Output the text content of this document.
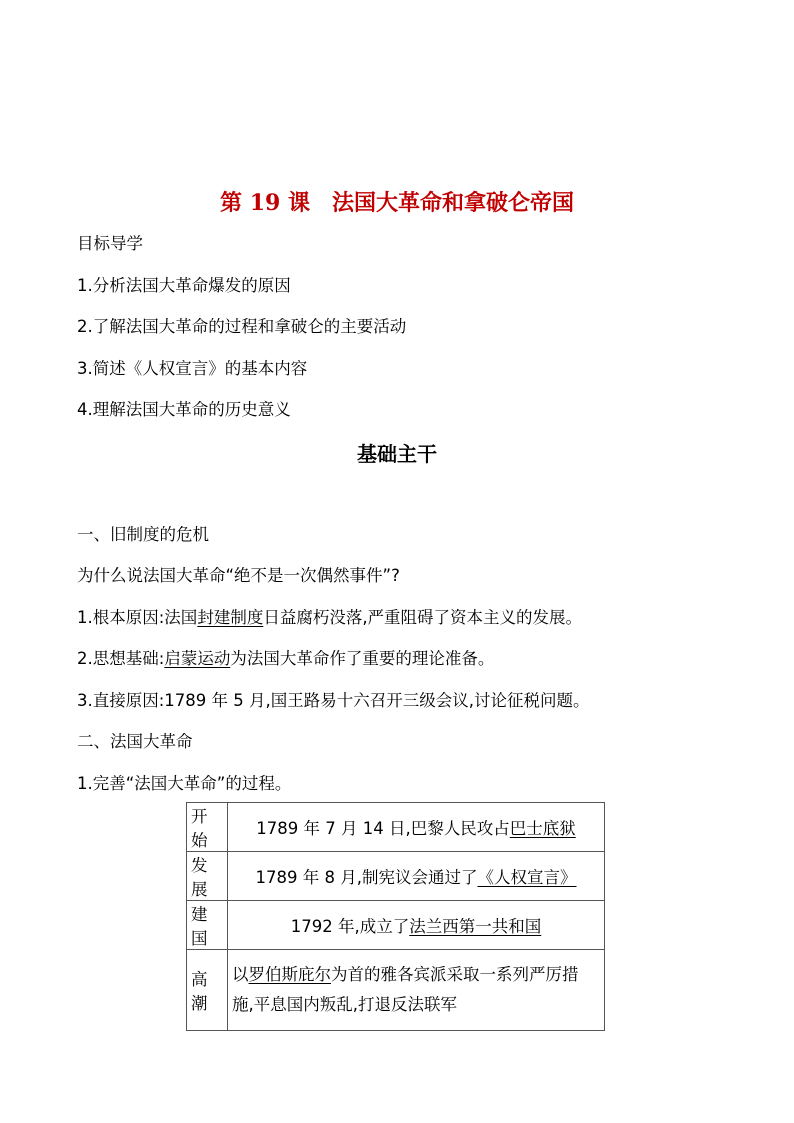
第 19 课　法国大革命和拿破仑帝国
目标导学
1.分析法国大革命爆发的原因
2.了解法国大革命的过程和拿破仑的主要活动
3.简述《人权宣言》的基本内容
4.理解法国大革命的历史意义
基础主干
一、旧制度的危机
为什么说法国大革命“绝不是一次偶然事件”?
1.根本原因:法国封建制度日益腐朽没落,严重阻碍了资本主义的发展。
2.思想基础:启蒙运动为法国大革命作了重要的理论准备。
3.直接原因:1789 年 5 月,国王路易十六召开三级会议,讨论征税问题。
二、法国大革命
1.完善“法国大革命”的过程。
开始	1789 年 7 月 14 日,巴黎人民攻占巴士底狱
发展	1789 年 8 月,制宪议会通过了《人权宣言》
建国	1792 年,成立了法兰西第一共和国
高潮	以罗伯斯庇尔为首的雅各宾派采取一系列严厉措施,平息国内叛乱,打退反法联军
